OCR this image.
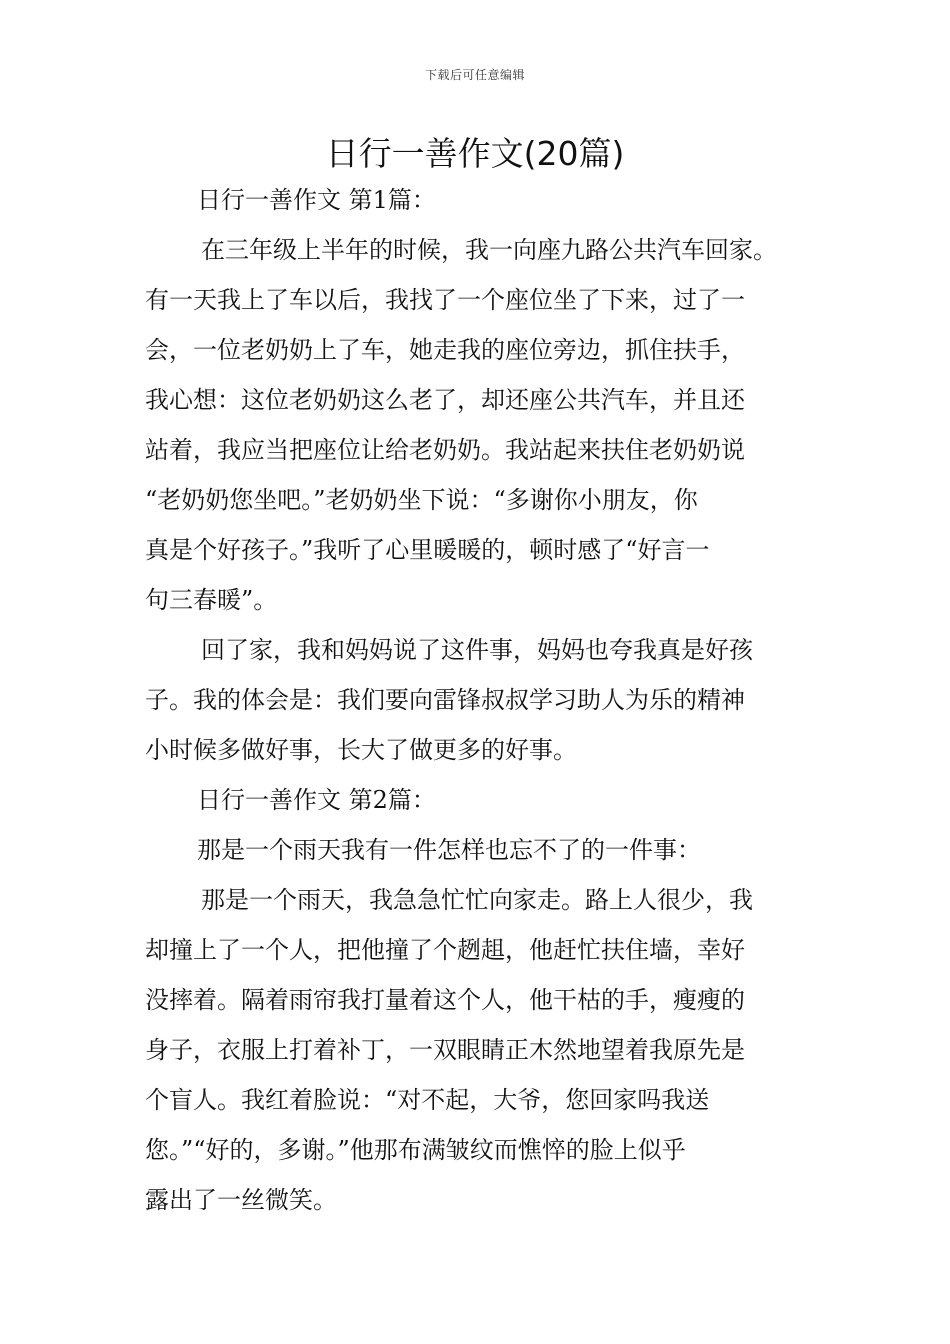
下载后可任意编辑
日行一善作文(20篇)
日行一善作文 第1篇：
在三年级上半年的时候，我一向座九路公共汽车回家。
有一天我上了车以后，我找了一个座位坐了下来，过了一
会，一位老奶奶上了车，她走我的座位旁边，抓住扶手，
我心想：这位老奶奶这么老了，却还座公共汽车，并且还
站着，我应当把座位让给老奶奶。我站起来扶住老奶奶说
“老奶奶您坐吧。”老奶奶坐下说：“多谢你小朋友，你
真是个好孩子。”我听了心里暖暖的，顿时感了“好言一
句三春暖”。
回了家，我和妈妈说了这件事，妈妈也夸我真是好孩
子。我的体会是：我们要向雷锋叔叔学习助人为乐的精神
小时候多做好事，长大了做更多的好事。
日行一善作文 第2篇：
那是一个雨天我有一件怎样也忘不了的一件事：
那是一个雨天，我急急忙忙向家走。路上人很少，我
却撞上了一个人，把他撞了个趔趄，他赶忙扶住墙，幸好
没摔着。隔着雨帘我打量着这个人，他干枯的手，瘦瘦的
身子，衣服上打着补丁，一双眼睛正木然地望着我原先是
个盲人。我红着脸说：“对不起，大爷，您回家吗我送
您。”“好的，多谢。”他那布满皱纹而憔悴的脸上似乎
露出了一丝微笑。
